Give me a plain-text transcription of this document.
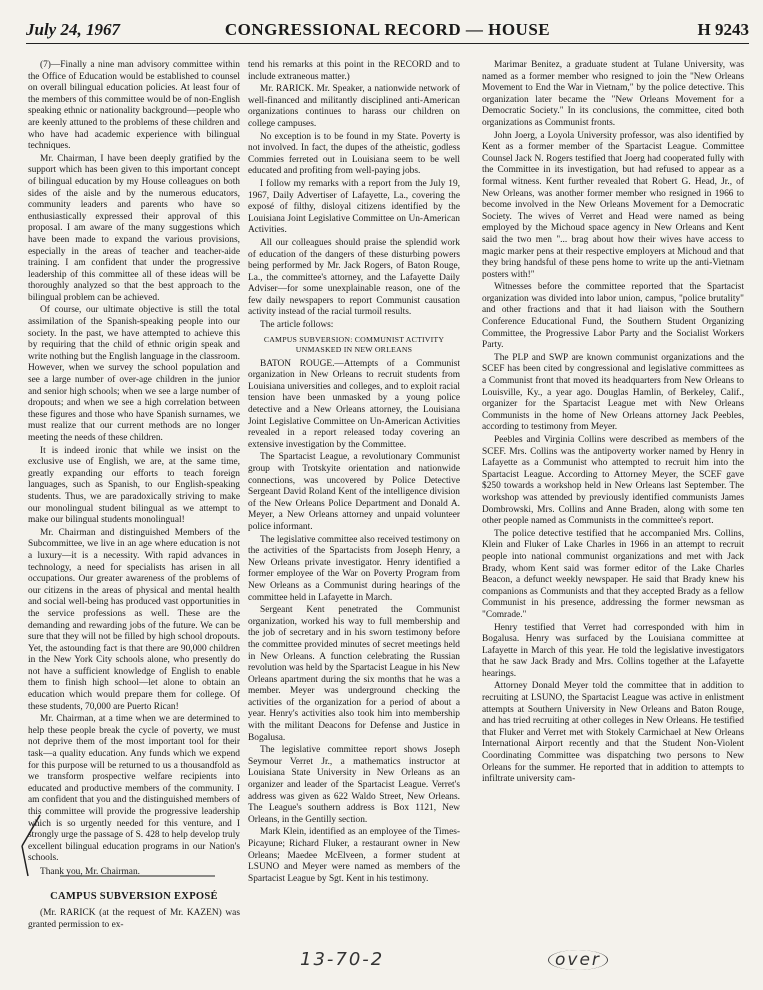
July 24, 1967	CONGRESSIONAL RECORD — HOUSE	H 9243

(7)—Finally a nine man advisory committee within the Office of Education would be established to counsel on overall bilingual education policies. At least four of the members of this committee would be of non-English speaking ethnic or nationality background—people who are keenly attuned to the problems of these children and who have had academic experience with bilingual techniques.

Mr. Chairman, I have been deeply gratified by the support which has been given to this important concept of bilingual education by my House colleagues on both sides of the aisle and by the numerous educators, community leaders and parents who have so enthusiastically expressed their approval of this proposal. I am aware of the many suggestions which have been made to expand the various provisions, especially in the areas of teacher and teacher-aide training. I am confident that under the progressive leadership of this committee all of these ideas will be thoroughly analyzed so that the best approach to the bilingual problem can be achieved.

Of course, our ultimate objective is still the total assimilation of the Spanish-speaking people into our society. In the past, we have attempted to achieve this by requiring that the child of ethnic origin speak and write nothing but the English language in the classroom. However, when we survey the school population and see a large number of over-age children in the junior and senior high schools; when we see a large number of dropouts; and when we see a high correlation between these figures and those who have Spanish surnames, we must realize that our current methods are no longer meeting the needs of these children.

It is indeed ironic that while we insist on the exclusive use of English, we are, at the same time, greatly expanding our efforts to teach foreign languages, such as Spanish, to our English-speaking students. Thus, we are paradoxically striving to make our monolingual student bilingual as we attempt to make our bilingual students monolingual!

Mr. Chairman and distinguished Members of the Subcommittee, we live in an age where education is not a luxury—it is a necessity. With rapid advances in technology, a need for specialists has arisen in all occupations. Our greater awareness of the problems of our citizens in the areas of physical and mental health and social well-being has produced vast opportunities in the service professions as well. These are the demanding and rewarding jobs of the future. We can be sure that they will not be filled by high school dropouts. Yet, the astounding fact is that there are 90,000 children in the New York City schools alone, who presently do not have a sufficient knowledge of English to enable them to finish high school—let alone to obtain an education which would prepare them for college. Of these students, 70,000 are Puerto Rican!

Mr. Chairman, at a time when we are determined to help these people break the cycle of poverty, we must not deprive them of the most important tool for their task—a quality education. Any funds which we expend for this purpose will be returned to us a thousandfold as we transform prospective welfare recipients into educated and productive members of the community. I am confident that you and the distinguished members of this committee will provide the progressive leadership which is so urgently needed for this venture, and I strongly urge the passage of S. 428 to help develop truly excellent bilingual education programs in our Nation's schools.

Thank you, Mr. Chairman.

CAMPUS SUBVERSION EXPOSÉ

(Mr. RARICK (at the request of Mr. KAZEN) was granted permission to ex-

tend his remarks at this point in the RECORD and to include extraneous matter.)

Mr. RARICK. Mr. Speaker, a nationwide network of well-financed and militantly disciplined anti-American organizations continues to harass our children on college campuses.

No exception is to be found in my State. Poverty is not involved. In fact, the dupes of the atheistic, godless Commies ferreted out in Louisiana seem to be well educated and profiting from well-paying jobs.

I follow my remarks with a report from the July 19, 1967, Daily Advertiser of Lafayette, La., covering the exposé of filthy, disloyal citizens identified by the Louisiana Joint Legislative Committee on Un-American Activities.

All our colleagues should praise the splendid work of education of the dangers of these disturbing powers being performed by Mr. Jack Rogers, of Baton Rouge, La., the committee's attorney, and the Lafayette Daily Adviser—for some unexplainable reason, one of the few daily newspapers to report Communist causation activity instead of the racial turmoil results.

The article follows:

CAMPUS SUBVERSION: COMMUNIST ACTIVITY UNMASKED IN NEW ORLEANS

BATON ROUGE.—Attempts of a Communist organization in New Orleans to recruit students from Louisiana universities and colleges, and to exploit racial tension have been unmasked by a young police detective and a New Orleans attorney, the Louisiana Joint Legislative Committee on Un-American Activities revealed in a report released today covering an extensive investigation by the Committee.

The Spartacist League, a revolutionary Communist group with Trotskyite orientation and nationwide connections, was uncovered by Police Detective Sergeant David Roland Kent of the intelligence division of the New Orleans Police Department and Donald A. Meyer, a New Orleans attorney and unpaid volunteer police informant.

The legislative committee also received testimony on the activities of the Spartacists from Joseph Henry, a New Orleans private investigator. Henry identified a former employee of the War on Poverty Program from New Orleans as a Communist during hearings of the committee held in Lafayette in March.

Sergeant Kent penetrated the Communist organization, worked his way to full membership and the job of secretary and in his sworn testimony before the committee provided minutes of secret meetings held in New Orleans. A function celebrating the Russian revolution was held by the Spartacist League in his New Orleans apartment during the six months that he was a member. Meyer was underground checking the activities of the organization for a period of about a year. Henry's activities also took him into membership with the militant Deacons for Defense and Justice in Bogalusa.

The legislative committee report shows Joseph Seymour Verret Jr., a mathematics instructor at Louisiana State University in New Orleans as an organizer and leader of the Spartacist League. Verret's address was given as 622 Waldo Street, New Orleans. The League's southern address is Box 1121, New Orleans, in the Gentilly section.

Mark Klein, identified as an employee of the Times-Picayune; Richard Fluker, a restaurant owner in New Orleans; Maedee McElveen, a former student at LSUNO and Meyer were named as members of the Spartacist League by Sgt. Kent in his testimony.

Marimar Benitez, a graduate student at Tulane University, was named as a former member who resigned to join the "New Orleans Movement to End the War in Vietnam," by the police detective. This organization later became the "New Orleans Movement for a Democratic Society." In its conclusions, the committee, cited both organizations as Communist fronts.

John Joerg, a Loyola University professor, was also identified by Kent as a former member of the Spartacist League. Committee Counsel Jack N. Rogers testified that Joerg had cooperated fully with the Committee in its investigation, but had refused to appear as a formal witness. Kent further revealed that Robert G. Head, Jr., of New Orleans, was another former member who resigned in 1966 to become involved in the New Orleans Movement for a Democratic Society. The wives of Verret and Head were named as being employed by the Michoud space agency in New Orleans and Kent said the two men "... brag about how their wives have access to magic marker pens at their respective employers at Michoud and that they bring handsful of these pens home to write up the anti-Vietnam posters with!"

Witnesses before the committee reported that the Spartacist organization was divided into labor union, campus, "police brutality" and other fractions and that it had liaison with the Southern Conference Educational Fund, the Southern Student Organizing Committee, the Progressive Labor Party and the Socialist Workers Party.

The PLP and SWP are known communist organizations and the SCEF has been cited by congressional and legislative committees as a Communist front that moved its headquarters from New Orleans to Louisville, Ky., a year ago. Douglas Hamlin, of Berkeley, Calif., organizer for the Spartacist League met with New Orleans Communists in the home of New Orleans attorney Jack Peebles, according to testimony from Meyer.

Peebles and Virginia Collins were described as members of the SCEF. Mrs. Collins was the antipoverty worker named by Henry in Lafayette as a Communist who attempted to recruit him into the Spartacist League. According to Attorney Meyer, the SCEF gave $250 towards a workshop held in New Orleans last September. The workshop was attended by previously identified communists James Dombrowski, Mrs. Collins and Anne Braden, along with some ten other people named as Communists in the committee's report.

The police detective testified that he accompanied Mrs. Collins, Klein and Fluker of Lake Charles in 1966 in an attempt to recruit people into national communist organizations and met with Jack Brady, whom Kent said was former editor of the Lake Charles Beacon, a defunct weekly newspaper. He said that Brady knew his companions as Communists and that they accepted Brady as a fellow Communist in his presence, addressing the former newsman as "Comrade."

Henry testified that Verret had corresponded with him in Bogalusa. Henry was surfaced by the Louisiana committee at Lafayette in March of this year. He told the legislative investigators that he saw Jack Brady and Mrs. Collins together at the Lafayette hearings.

Attorney Donald Meyer told the committee that in addition to recruiting at LSUNO, the Spartacist League was active in enlistment attempts at Southern University in New Orleans and Baton Rouge, and has tried recruiting at other colleges in New Orleans. He testified that Fluker and Verret met with Stokely Carmichael at New Orleans International Airport recently and that the Student Non-Violent Coordinating Committee was dispatching two persons to New Orleans for the summer. He reported that in addition to attempts to infiltrate university cam-

13-70-2	over
